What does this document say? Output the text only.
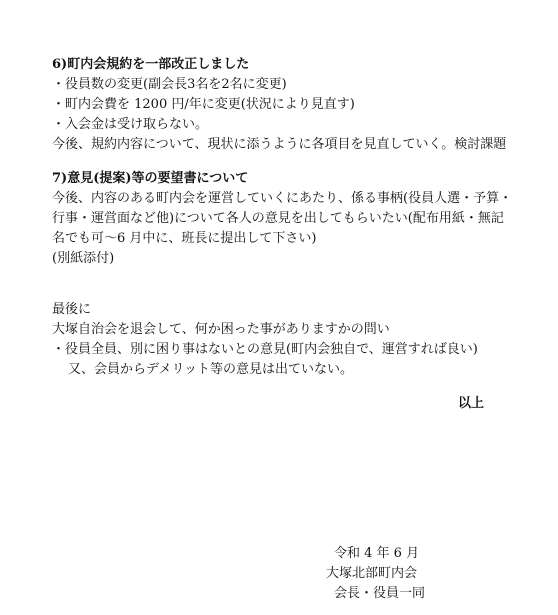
6)町内会規約を一部改正しました
・役員数の変更(副会長3名を2名に変更)
・町内会費を 1200 円/年に変更(状況により見直す)
・入会金は受け取らない。
今後、規約内容について、現状に添うように各項目を見直していく。検討課題
7)意見(提案)等の要望書について
今後、内容のある町内会を運営していくにあたり、係る事柄(役員人選・予算・
行事・運営面など他)について各人の意見を出してもらいたい(配布用紙・無記
名でも可～6 月中に、班長に提出して下さい)
(別紙添付)
最後に
大塚自治会を退会して、何か困った事がありますかの問い
・役員全員、別に困り事はないとの意見(町内会独自で、運営すれば良い)
又、会員からデメリット等の意見は出ていない。
以上
令和 4 年 6 月
大塚北部町内会
会長・役員一同
